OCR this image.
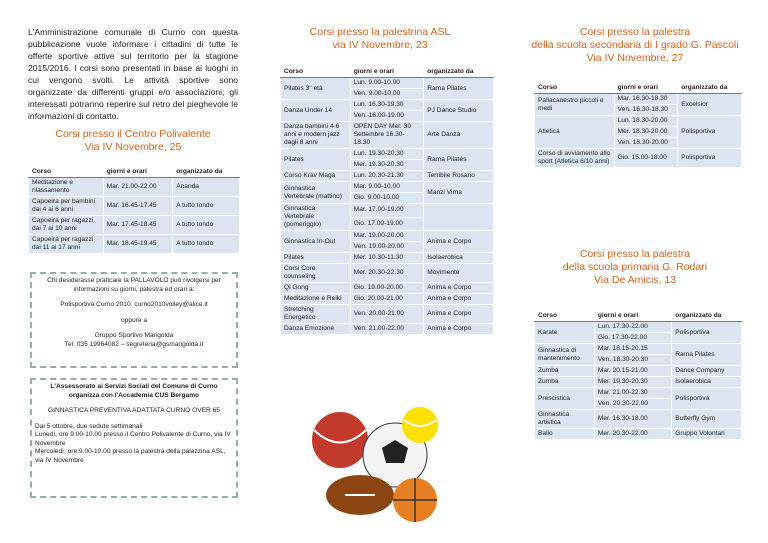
L'Amministrazione comunale di Curno con questa pubblicazione vuole informare i cittadini di tutte le offerte sportive attive sul territorio per la stagione 2015/2016. I corsi sono presentati in base ai luoghi in cui vengono svolti. Le attività sportive sono organizzate da differenti gruppi e/o associazioni; gli interessati potranno reperire sul retro del pieghevole le informazioni di contatto.
Corsi presso il Centro Polivalente
Via IV Novembre, 25
Corso	giorni e orari	organizzato da
Meditazione e rilassamento	Mar. 21.00-22.00	Ananda
Capoeira per bambini dai 4 ai 6 anni	Mar. 16.45-17.45	A tutto tondo
Capoeira per ragazzi dai 7 ai 10 anni	Mar. 17.45-18.45	A tutto tondo
Capoeira per ragazzi dai 11 ai 17 anni	Mar. 18.45-19.45	A tutto tondo

Chi desiderasse praticare la PALLAVOLO può rivolgersi per informazioni su giorni, palestra ed orari a:

Polisportiva Curno 2010: curno2010volley@alice.it

oppure a

Gruppo Sportivo Marigolda
Tel. 035 19964082 – segreteria@gsmarigolda.it

L'Assessorato ai Servizi Sociali del Comune di Curno organizza con l'Accademia CUS Bergamo

GINNASTICA PREVENTIVA ADATTATA CURNO OVER 65

Dal 5 ottobre, due sedute settimanali
Lunedì, ore 9.00-10.00 presso il Centro Polivalente di Curno, via IV Novembre
Mercoledì, ore 9.00-10.00 presso la palestra della palazzina ASL, via IV Novembre
Corsi presso la palestrina ASL
via IV Novembre, 23
Corso	giorni e orari	organizzato da
Pilates 3" età	Lun. 9.00-10.00	Rama Pilates
	Ven. 9.00-10.00	
Danza Under 14	Lun. 16.30-19.30	PJ Dance Studio
	Ven. 16.00-19.00	
Danza bambini 4-6 anni e modern jazz dagli 8 anni	OPEN DAY Mer. 30 Settembre 16.30-18.30	Arte Danza
Pilates	Lun. 19.30-20.30	Rama Pilates
	Mer. 19.30-20.30	
Corso Krav Maga	Lun. 20.30-21.30	Terribile Rosario
Ginnastica Vertebrale (mattino)	Mar. 9.00-10.00	Manzi Virna
	Gio. 9.00-10.00	
Ginnastica Vertebrale (pomeriggio)	Mar. 17.00-19.00	
	Gio. 17.00-19.00	
Ginnastica In-Out	Mar. 19.00-20.00	Anima e Corpo
	Ven. 19.00-20.00	
Pilates	Mer. 10.30-11.30	Isolaerobica
Corsi Core counseling	Mer. 20.30-22.30	Movimente
Qi Gong	Gio. 19.00-20.00	Anima e Corpo
Meditazione e Reiki	Gio. 20.00-21.00	Anima e Corpo
Stretching Energetico	Ven. 20.00-21.00	Anima e Corpo
Danza Emozione	Ven. 21.00-22.00	Anima e Corpo
Corsi presso la palestra
della scuola secondaria di I grado G. Pascoli
Via IV Novembre, 27
Corso	giorni e orari	organizzato da
Pallacanestro piccoli e medi	Mar. 16.30-18.30	Excelsior
	Ven. 16.30-18.30	
Atletica	Lun. 18.30-20.00	Polisportiva
	Mer. 18.30-20.00	
	Ven. 18.30-20.00	
Corso di avviamento allo sport (Atletica 6/10 anni)	Gio. 15.00-18.00	Polisportiva
Corsi presso la palestra
della scuola primaria G. Rodari
Via De Amicis, 13
Corso	giorni e orari	organizzato da
Karate	Lun. 17.30-22.00	Polisportiva
	Gio. 17.30-22.00	
Ginnastica di mantenimento	Mar. 18.15-20.15	Rama Pilates
	Ven. 18.30-20.30	
Zumba	Mar. 20.15-21.00	Dance Company
Zumba	Mer. 19.30-20.30	Isolaerobica
Prescistica	Mar. 21.00-22.30	Polisportiva
	Ven. 20.30-22.00	
Ginnastica artistica	Mer. 16.30-18.00	Butterfly Gym
Ballo	Mer. 20.30-22.00	Gruppo Volontari
